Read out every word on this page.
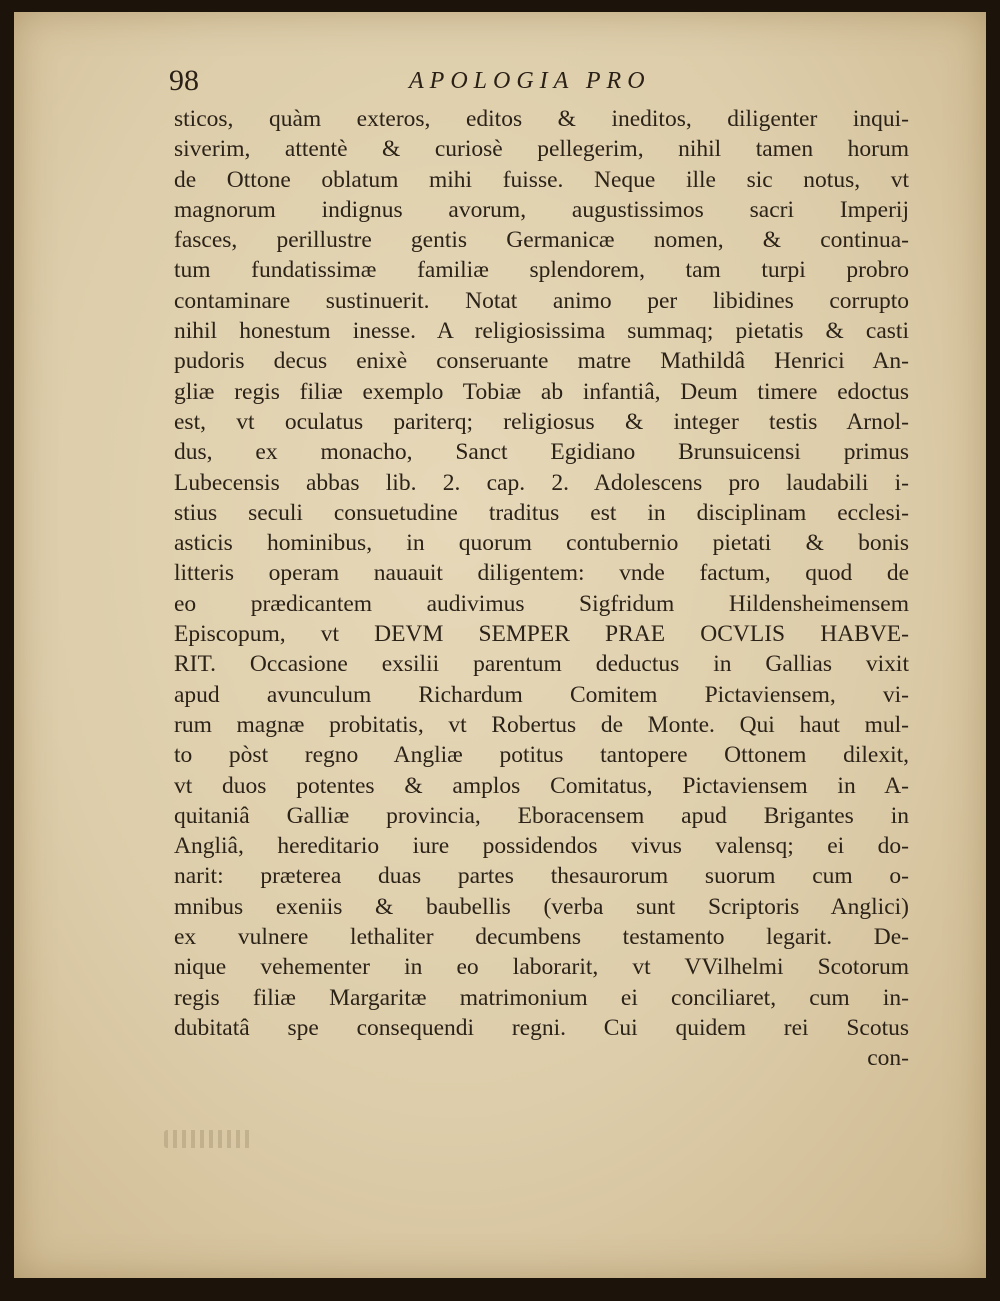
98	APOLOGIA PRO
sticos, quàm exteros, editos & ineditos, diligenter inqui-
siverim, attentè & curiosè pellegerim, nihil tamen horum
de Ottone oblatum mihi fuisse. Neque ille sic notus, vt
magnorum indignus avorum, augustissimos sacri Imperij
fasces, perillustre gentis Germanicæ nomen, & continua-
tum fundatissimæ familiæ splendorem, tam turpi probro
contaminare sustinuerit. Notat animo per libidines corrupto
nihil honestum inesse. A religiosissima summaq; pietatis & casti
pudoris decus enixè conseruante matre Mathildâ Henrici An-
gliæ regis filiæ exemplo Tobiæ ab infantiâ, Deum timere edoctus
est, vt oculatus pariterq; religiosus & integer testis Arnol-
dus, ex monacho, Sanct Egidiano Brunsuicensi primus
Lubecensis abbas lib. 2. cap. 2. Adolescens pro laudabili i-
stius seculi consuetudine traditus est in disciplinam ecclesi-
asticis hominibus, in quorum contubernio pietati & bonis
litteris operam nauauit diligentem: vnde factum, quod de
eo prædicantem audivimus Sigfridum Hildensheimensem
Episcopum, vt DEVM SEMPER PRAE OCVLIS HABVE-
RIT. Occasione exsilii parentum deductus in Gallias vixit
apud avunculum Richardum Comitem Pictaviensem, vi-
rum magnæ probitatis, vt Robertus de Monte. Qui haut mul-
to pòst regno Angliæ potitus tantopere Ottonem dilexit,
vt duos potentes & amplos Comitatus, Pictaviensem in A-
quitaniâ Galliæ provincia, Eboracensem apud Brigantes in
Angliâ, hereditario iure possidendos vivus valensq; ei do-
narit: præterea duas partes thesaurorum suorum cum o-
mnibus exeniis & baubellis (verba sunt Scriptoris Anglici)
ex vulnere lethaliter decumbens testamento legarit. De-
nique vehementer in eo laborarit, vt VVilhelmi Scotorum
regis filiæ Margaritæ matrimonium ei conciliaret, cum in-
dubitatâ spe consequendi regni. Cui quidem rei Scotus
con-
